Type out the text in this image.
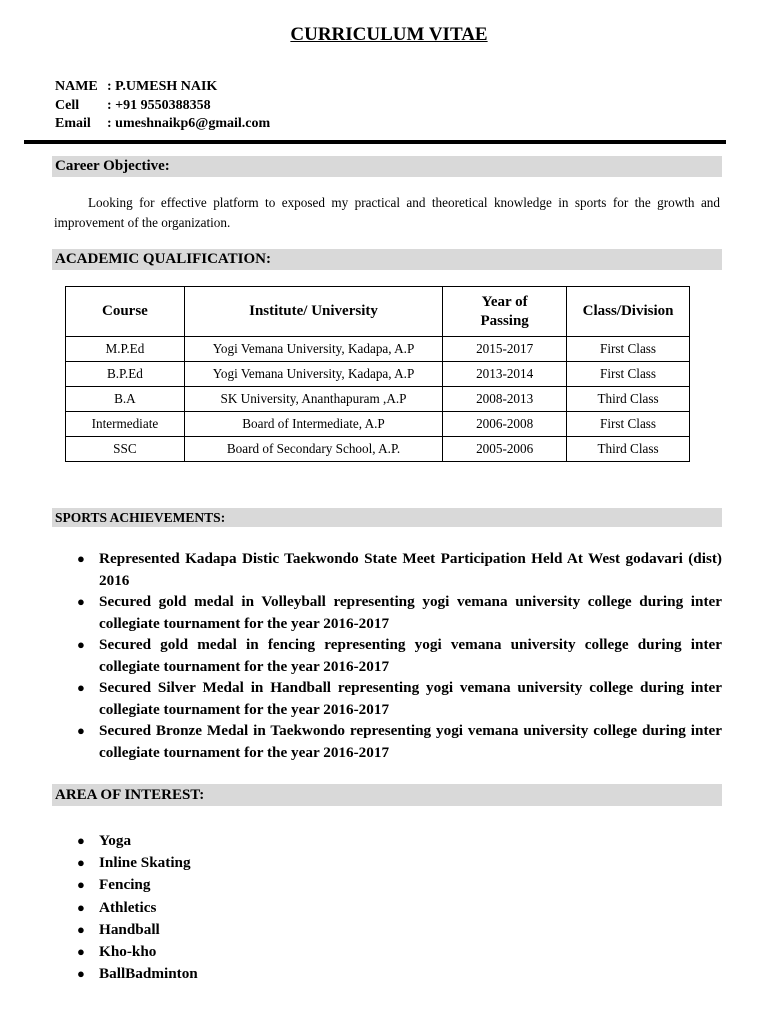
CURRICULUM VITAE
NAME : P.UMESH NAIK
Cell	: +91 9550388358
Email	: umeshnaikp6@gmail.com
Career Objective:
Looking for effective platform to exposed my practical and theoretical knowledge in sports for the growth and improvement of the organization.
ACADEMIC QUALIFICATION:
Course	Institute/ University	Year of Passing	Class/Division
M.P.Ed	Yogi Vemana University, Kadapa, A.P	2015-2017	First Class
B.P.Ed	Yogi Vemana University, Kadapa, A.P	2013-2014	First Class
B.A	SK University, Ananthapuram ,A.P	2008-2013	Third Class
Intermediate	Board of Intermediate, A.P	2006-2008	First Class
SSC	Board of Secondary School, A.P.	2005-2006	Third Class
SPORTS ACHIEVEMENTS:
● Represented Kadapa Distic Taekwondo State Meet Participation Held At West godavari (dist) 2016
● Secured gold medal in Volleyball representing yogi vemana university college during inter collegiate tournament for the year 2016-2017
● Secured gold medal in fencing representing yogi vemana university college during inter collegiate tournament for the year 2016-2017
● Secured Silver Medal in Handball representing yogi vemana university college during inter collegiate tournament for the year 2016-2017
● Secured Bronze Medal in Taekwondo representing yogi vemana university college during inter collegiate tournament for the year 2016-2017
AREA OF INTEREST:
● Yoga
● Inline Skating
● Fencing
● Athletics
● Handball
● Kho-kho
● BallBadminton
